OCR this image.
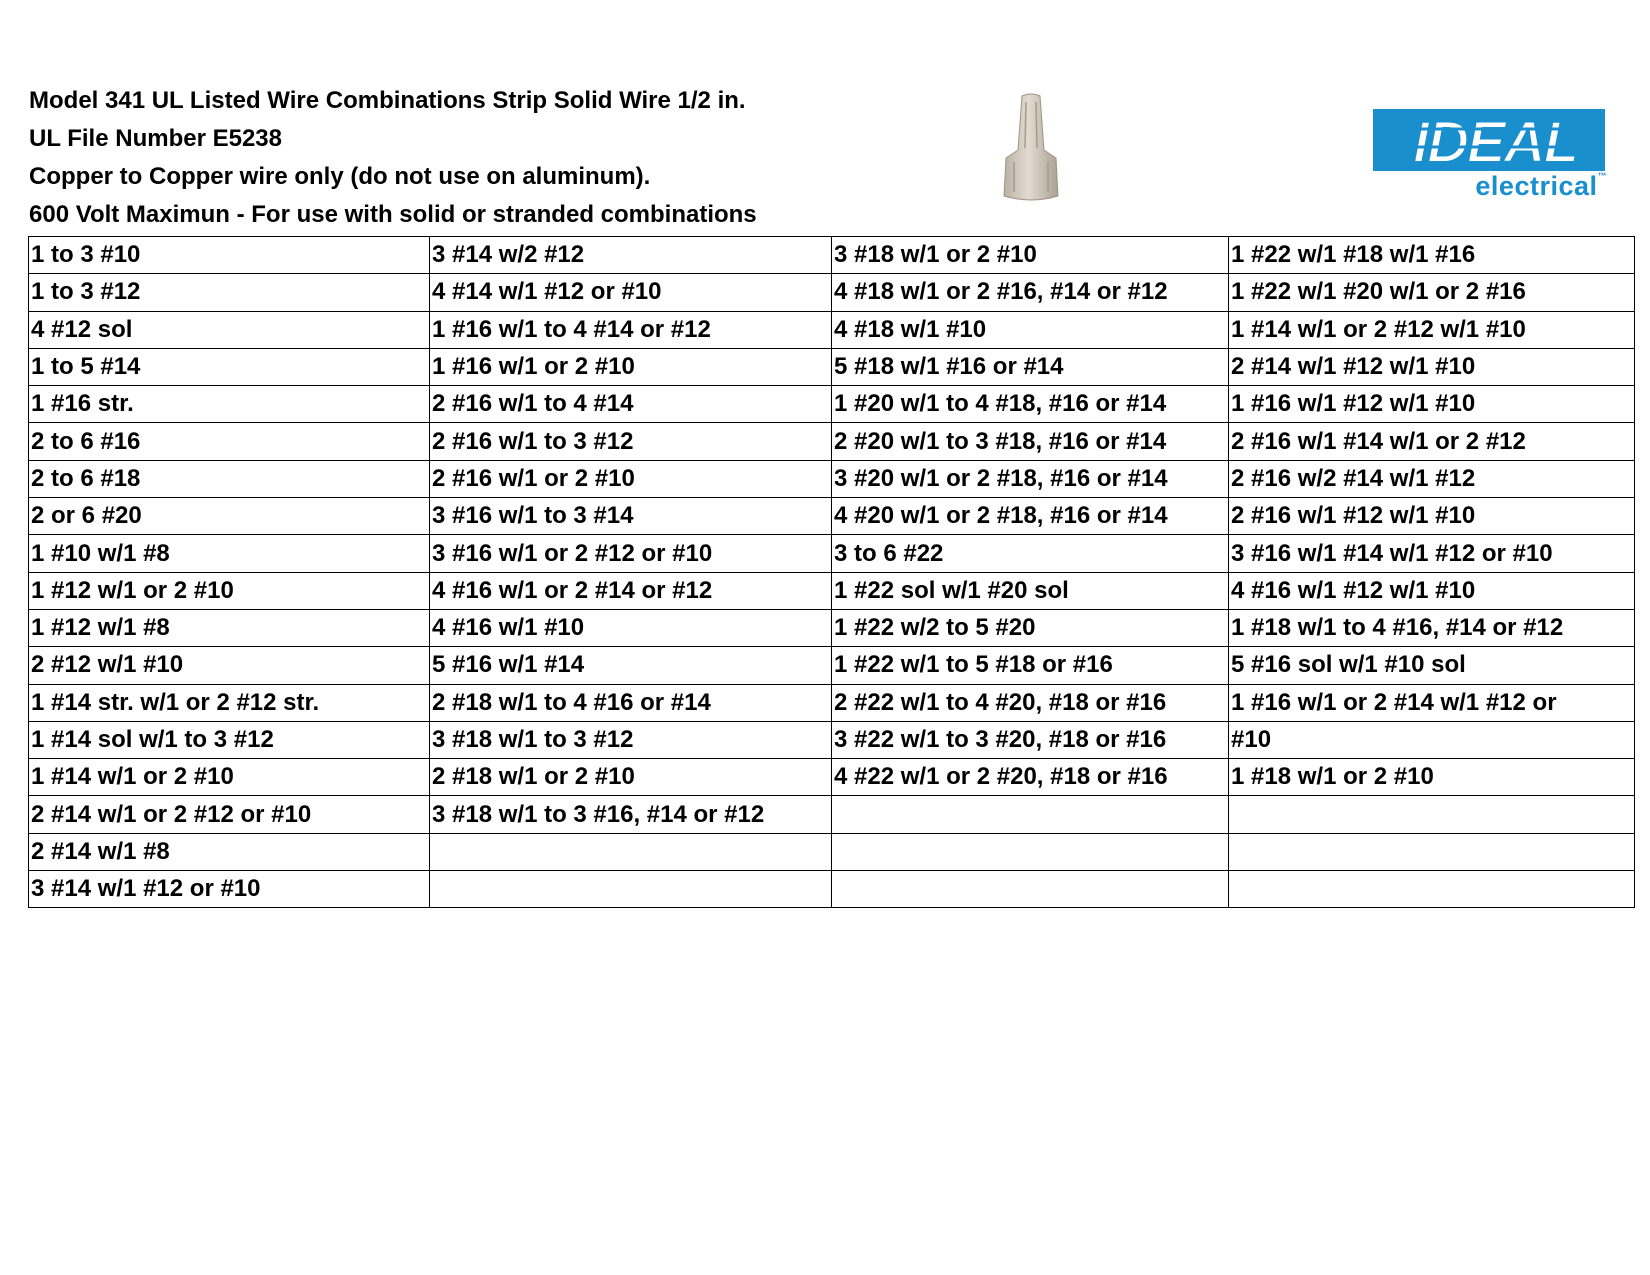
Model 341 UL Listed Wire Combinations Strip Solid Wire 1/2 in.
UL File Number E5238
Copper to Copper wire only (do not use on aluminum).
600 Volt Maximun - For use with solid or stranded combinations
IDEAL
electrical™
1 to 3 #10	3 #14 w/2 #12	3 #18 w/1 or 2 #10	1 #22 w/1 #18 w/1 #16
1 to 3 #12	4 #14 w/1 #12 or #10	4 #18 w/1 or 2 #16, #14 or #12	1 #22 w/1 #20 w/1 or 2 #16
4 #12 sol	1 #16 w/1 to 4 #14 or #12	4 #18 w/1 #10	1 #14 w/1 or 2 #12 w/1 #10
1 to 5 #14	1 #16 w/1 or 2 #10	5 #18 w/1 #16 or #14	2 #14 w/1 #12 w/1 #10
1 #16 str.	2 #16 w/1 to 4 #14	1 #20 w/1 to 4 #18, #16 or #14	1 #16 w/1 #12 w/1 #10
2 to 6 #16	2 #16 w/1 to 3 #12	2 #20 w/1 to 3 #18, #16 or #14	2 #16 w/1 #14 w/1 or 2 #12
2 to 6 #18	2 #16 w/1 or 2 #10	3 #20 w/1 or 2 #18, #16 or #14	2 #16 w/2 #14 w/1 #12
2 or 6 #20	3 #16 w/1 to 3 #14	4 #20 w/1 or 2 #18, #16 or #14	2 #16 w/1 #12 w/1 #10
1 #10 w/1 #8	3 #16 w/1 or 2 #12 or #10	3 to 6 #22	3 #16 w/1 #14 w/1 #12 or #10
1 #12 w/1 or 2 #10	4 #16 w/1 or 2 #14 or #12	1 #22 sol w/1 #20 sol	4 #16 w/1 #12 w/1 #10
1 #12 w/1 #8	4 #16 w/1 #10	1 #22 w/2 to 5 #20	1 #18 w/1 to 4 #16, #14 or #12
2 #12 w/1 #10	5 #16 w/1 #14	1 #22 w/1 to 5 #18 or #16	5 #16 sol w/1 #10 sol
1 #14 str. w/1 or 2 #12 str.	2 #18 w/1 to 4 #16 or #14	2 #22 w/1 to 4 #20, #18 or #16	1 #16 w/1 or 2 #14 w/1 #12 or
1 #14 sol w/1 to 3 #12	3 #18 w/1 to 3 #12	3 #22 w/1 to 3 #20, #18 or #16	#10
1 #14 w/1 or 2 #10	2 #18 w/1 or 2 #10	4 #22 w/1 or 2 #20, #18 or #16	1 #18 w/1 or 2 #10
2 #14 w/1 or 2 #12 or #10	3 #18 w/1 to 3 #16, #14 or #12		
2 #14 w/1 #8			
3 #14 w/1 #12 or #10			
